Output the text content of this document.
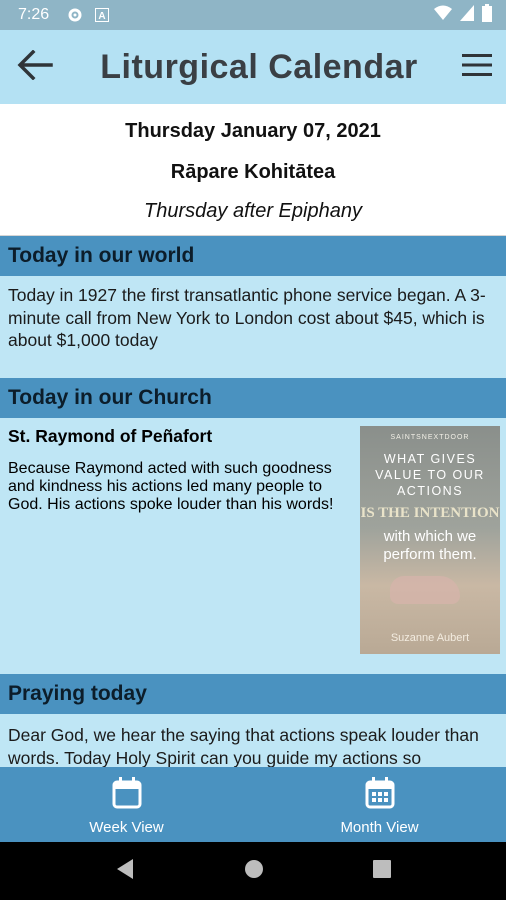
7:26	A
Liturgical Calendar
Thursday January 07, 2021
Rāpare Kohitātea
Thursday after Epiphany
Today in our world
Today in 1927 the first transatlantic phone service began. A 3-minute call from New York to London cost about $45, which is about $1,000 today
Today in our Church
St. Raymond of Peñafort
Because Raymond acted with such goodness and kindness his actions led many people to God. His actions spoke louder than his words!
SAINTSNEXTDOOR
WHAT GIVES VALUE TO OUR ACTIONS
IS THE INTENTION
with which we perform them.
Suzanne Aubert
Praying today
Dear God, we hear the saying that actions speak louder than words. Today Holy Spirit can you guide my actions so
Week View	Month View
